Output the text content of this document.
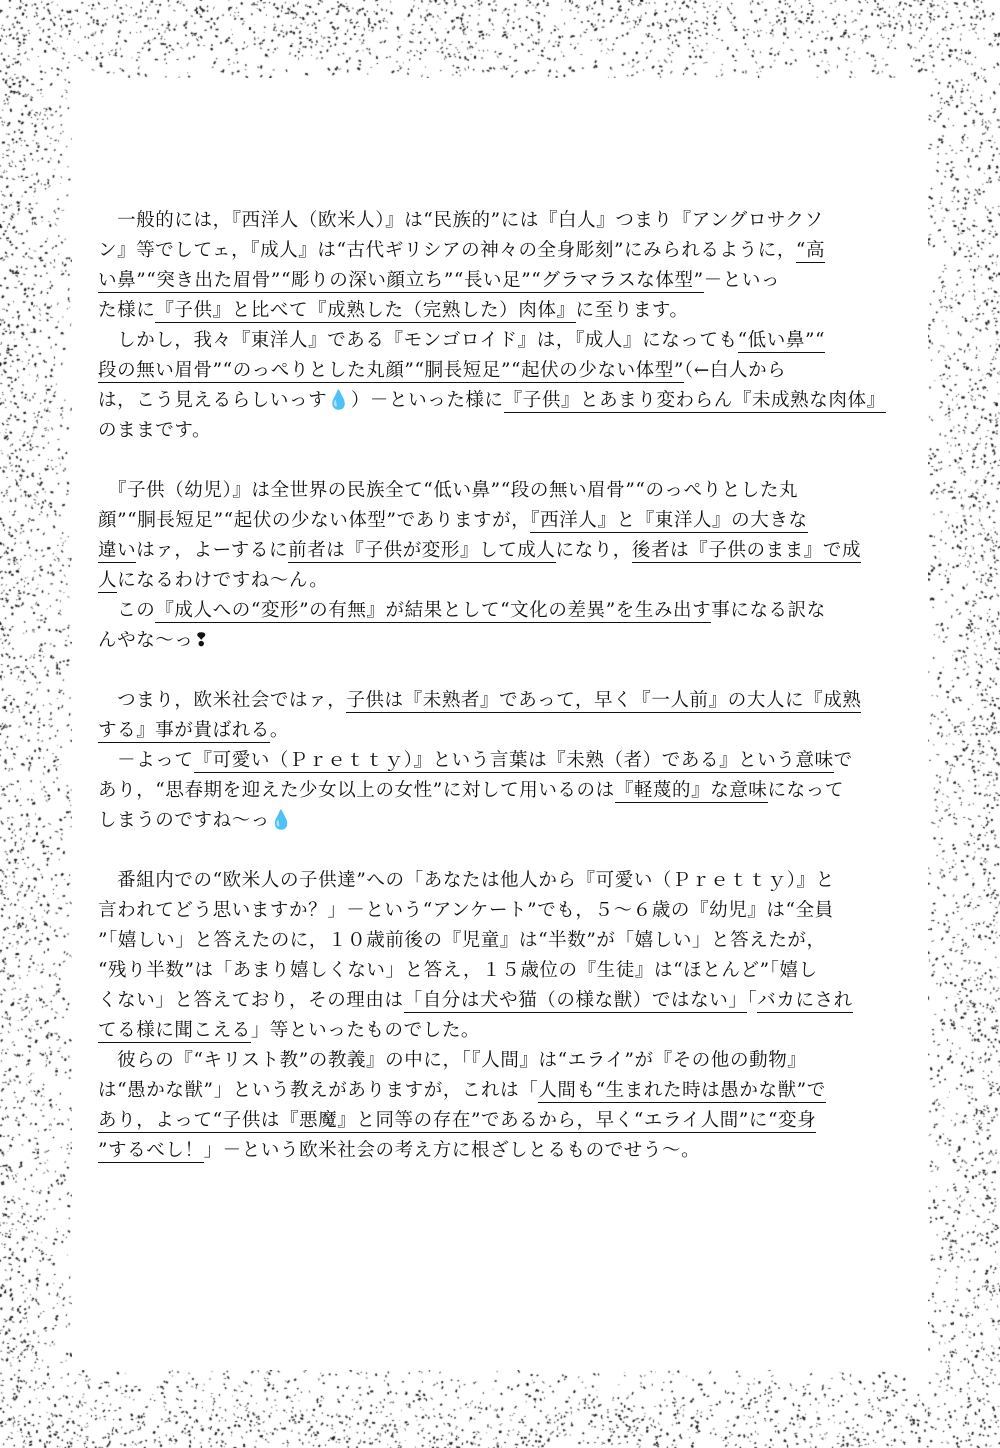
　一般的には，『西洋人（欧米人）』は“民族的”には『白人』つまり『アングロサクソ
ン』等でしてェ，『成人』は“古代ギリシアの神々の全身彫刻”にみられるように，“高
い鼻”“突き出た眉骨”“彫りの深い顔立ち”“長い足”“グラマラスな体型”－といっ
た様に『子供』と比べて『成熟した（完熟した）肉体』に至ります。
　しかし，我々『東洋人』である『モンゴロイド』は，『成人』になっても“低い鼻”“
段の無い眉骨”“のっぺりとした丸顔”“胴長短足”“起伏の少ない体型”（←白人から
は，こう見えるらしいっす💧）－といった様に『子供』とあまり変わらん『未成熟な肉体』
のままです。
　『子供（幼児）』は全世界の民族全て“低い鼻”“段の無い眉骨”“のっぺりとした丸
顔”“胴長短足”“起伏の少ない体型”でありますが，『西洋人』と『東洋人』の大きな
違いはァ，よーするに前者は『子供が変形』して成人になり，後者は『子供のまま』で成
人になるわけですね～ん。
　この『成人への“変形”の有無』が結果として“文化の差異”を生み出す事になる訳な
んやな～っ❢
　つまり，欧米社会ではァ，子供は『未熟者』であって，早く『一人前』の大人に『成熟
する』事が貴ばれる。
　－よって『可愛い（Ｐｒｅｔｔｙ）』という言葉は『未熟（者）である』という意味で
あり，“思春期を迎えた少女以上の女性”に対して用いるのは『軽蔑的』な意味になって
しまうのですね～っ💧
　番組内での“欧米人の子供達”への「あなたは他人から『可愛い（Ｐｒｅｔｔｙ）』と
言われてどう思いますか？」－という“アンケート”でも，５～６歳の『幼児』は“全員
”「嬉しい」と答えたのに，１０歳前後の『児童』は“半数”が「嬉しい」と答えたが，
“残り半数”は「あまり嬉しくない」と答え，１５歳位の『生徒』は“ほとんど”「嬉し
くない」と答えており，その理由は「自分は犬や猫（の様な獣）ではない」「バカにされ
てる様に聞こえる」等といったものでした。
　彼らの『“キリスト教”の教義』の中に，「『人間』は“エライ”が『その他の動物』
は“愚かな獣”」という教えがありますが，これは「人間も“生まれた時は愚かな獣”で
あり，よって“子供は『悪魔』と同等の存在”であるから，早く“エライ人間”に“変身
”するべし！」－という欧米社会の考え方に根ざしとるものでせう～。
